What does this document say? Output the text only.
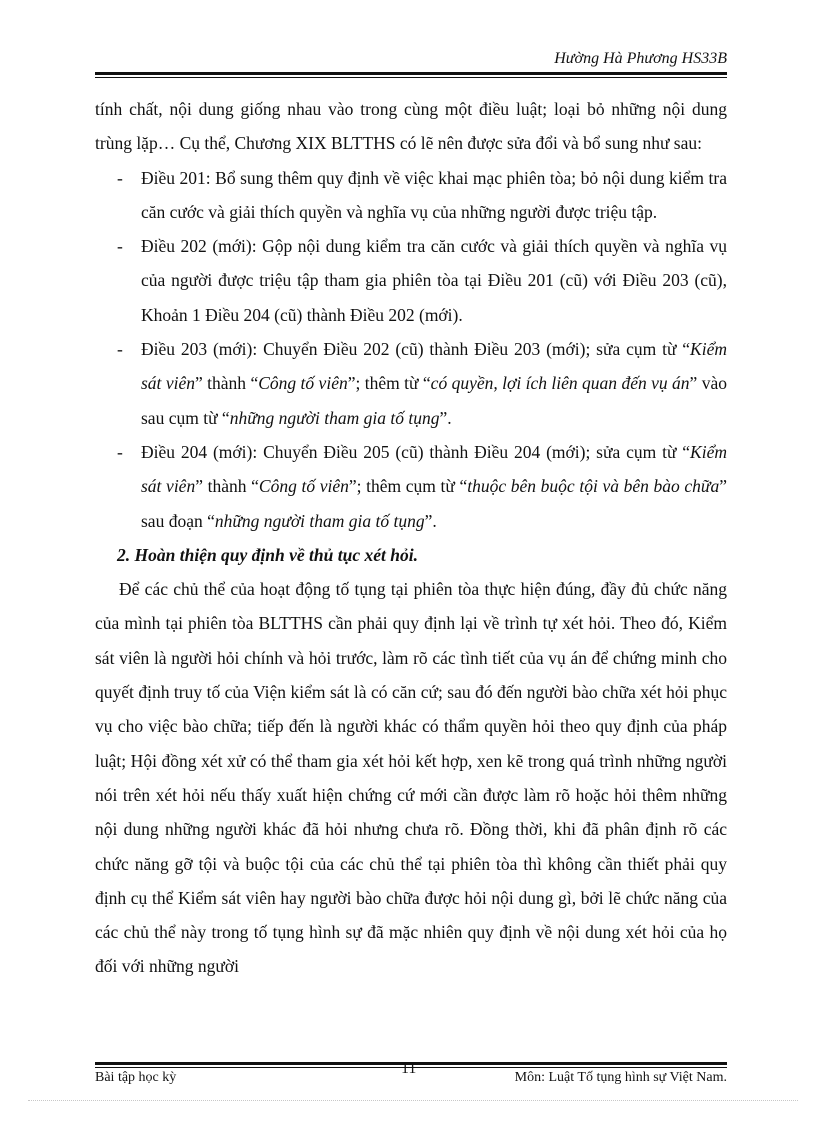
Hường Hà Phương HS33B

tính chất, nội dung giống nhau vào trong cùng một điều luật; loại bỏ những nội dung trùng lặp… Cụ thể, Chương XIX BLTTHS có lẽ nên được sửa đổi và bổ sung như sau:

- Điều 201: Bổ sung thêm quy định về việc khai mạc phiên tòa; bỏ nội dung kiểm tra căn cước và giải thích quyền và nghĩa vụ của những người được triệu tập.
- Điều 202 (mới): Gộp nội dung kiểm tra căn cước và giải thích quyền và nghĩa vụ của người được triệu tập tham gia phiên tòa tại Điều 201 (cũ) với Điều 203 (cũ), Khoản 1 Điều 204 (cũ) thành Điều 202 (mới).
- Điều 203 (mới): Chuyển Điều 202 (cũ) thành Điều 203 (mới); sửa cụm từ “Kiểm sát viên” thành “Công tố viên”; thêm từ “có quyền, lợi ích liên quan đến vụ án” vào sau cụm từ “những người tham gia tố tụng”.
- Điều 204 (mới): Chuyển Điều 205 (cũ) thành Điều 204 (mới); sửa cụm từ “Kiểm sát viên” thành “Công tố viên”; thêm cụm từ “thuộc bên buộc tội và bên bào chữa” sau đoạn “những người tham gia tố tụng”.

2. Hoàn thiện quy định về thủ tục xét hỏi.

Để các chủ thể của hoạt động tố tụng tại phiên tòa thực hiện đúng, đầy đủ chức năng của mình tại phiên tòa BLTTHS cần phải quy định lại về trình tự xét hỏi. Theo đó, Kiểm sát viên là người hỏi chính và hỏi trước, làm rõ các tình tiết của vụ án để chứng minh cho quyết định truy tố của Viện kiểm sát là có căn cứ; sau đó đến người bào chữa xét hỏi phục vụ cho việc bào chữa; tiếp đến là người khác có thẩm quyền hỏi theo quy định của pháp luật; Hội đồng xét xử có thể tham gia xét hỏi kết hợp, xen kẽ trong quá trình những người nói trên xét hỏi nếu thấy xuất hiện chứng cứ mới cần được làm rõ hoặc hỏi thêm những nội dung những người khác đã hỏi nhưng chưa rõ. Đồng thời, khi đã phân định rõ các chức năng gỡ tội và buộc tội của các chủ thể tại phiên tòa thì không cần thiết phải quy định cụ thể Kiểm sát viên hay người bào chữa được hỏi nội dung gì, bởi lẽ chức năng của các chủ thể này trong tố tụng hình sự đã mặc nhiên quy định về nội dung xét hỏi của họ đối với những người

Bài tập học kỳ
11
Môn: Luật Tố tụng hình sự Việt Nam.
